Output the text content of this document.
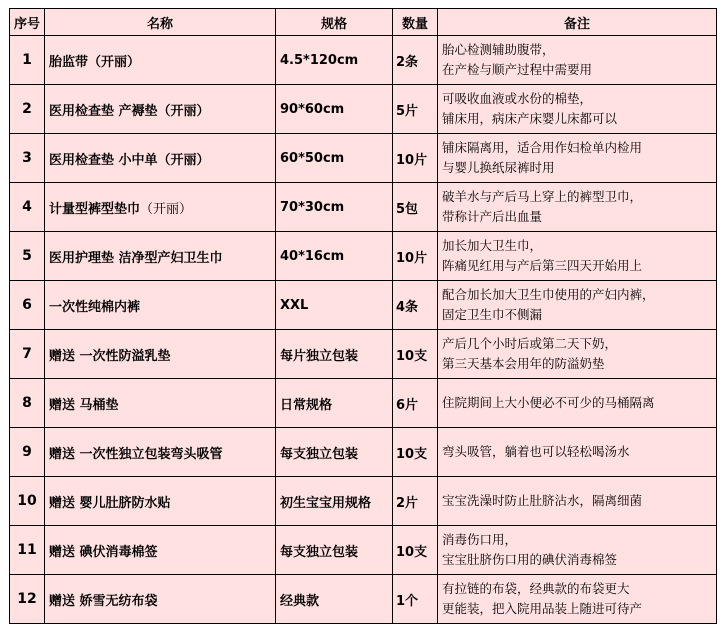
序号	名称	规格	数量	备注
1	胎监带（开丽）	4.5*120cm	2条	胎心检测辅助腹带，
在产检与顺产过程中需要用

2	医用检查垫 产褥垫（开丽）	90*60cm	5片	可吸收血液或水份的棉垫，
铺床用，病床产床婴儿床都可以

3	医用检查垫 小中单（开丽）	60*50cm	10片	铺床隔离用，适合用作妇检单内检用
与婴儿换纸尿裤时用

4	计量型裤型垫巾（开丽）	70*30cm	5包	破羊水与产后马上穿上的裤型卫巾，
带称计产后出血量

5	医用护理垫 洁净型产妇卫生巾	40*16cm	10片	加长加大卫生巾，
阵痛见红用与产后第三四天开始用上

6	一次性纯棉内裤	XXL	4条	配合加长加大卫生巾使用的产妇内裤，
固定卫生巾不侧漏

7	赠送 一次性防溢乳垫	每片独立包装	10支	产后几个小时后或第二天下奶，
第三天基本会用年的防溢奶垫

8	赠送 马桶垫	日常规格	6片	住院期间上大小便必不可少的马桶隔离

9	赠送 一次性独立包装弯头吸管	每支独立包装	10支	弯头吸管，躺着也可以轻松喝汤水

10	赠送 婴儿肚脐防水贴	初生宝宝用规格	2片	宝宝洗澡时防止肚脐沾水，隔离细菌

11	赠送 碘伏消毒棉签	每支独立包装	10支	消毒伤口用，
宝宝肚脐伤口用的碘伏消毒棉签

12	赠送 娇雪无纺布袋	经典款	1个	有拉链的布袋，经典款的布袋更大
更能装，把入院用品装上随进可待产
